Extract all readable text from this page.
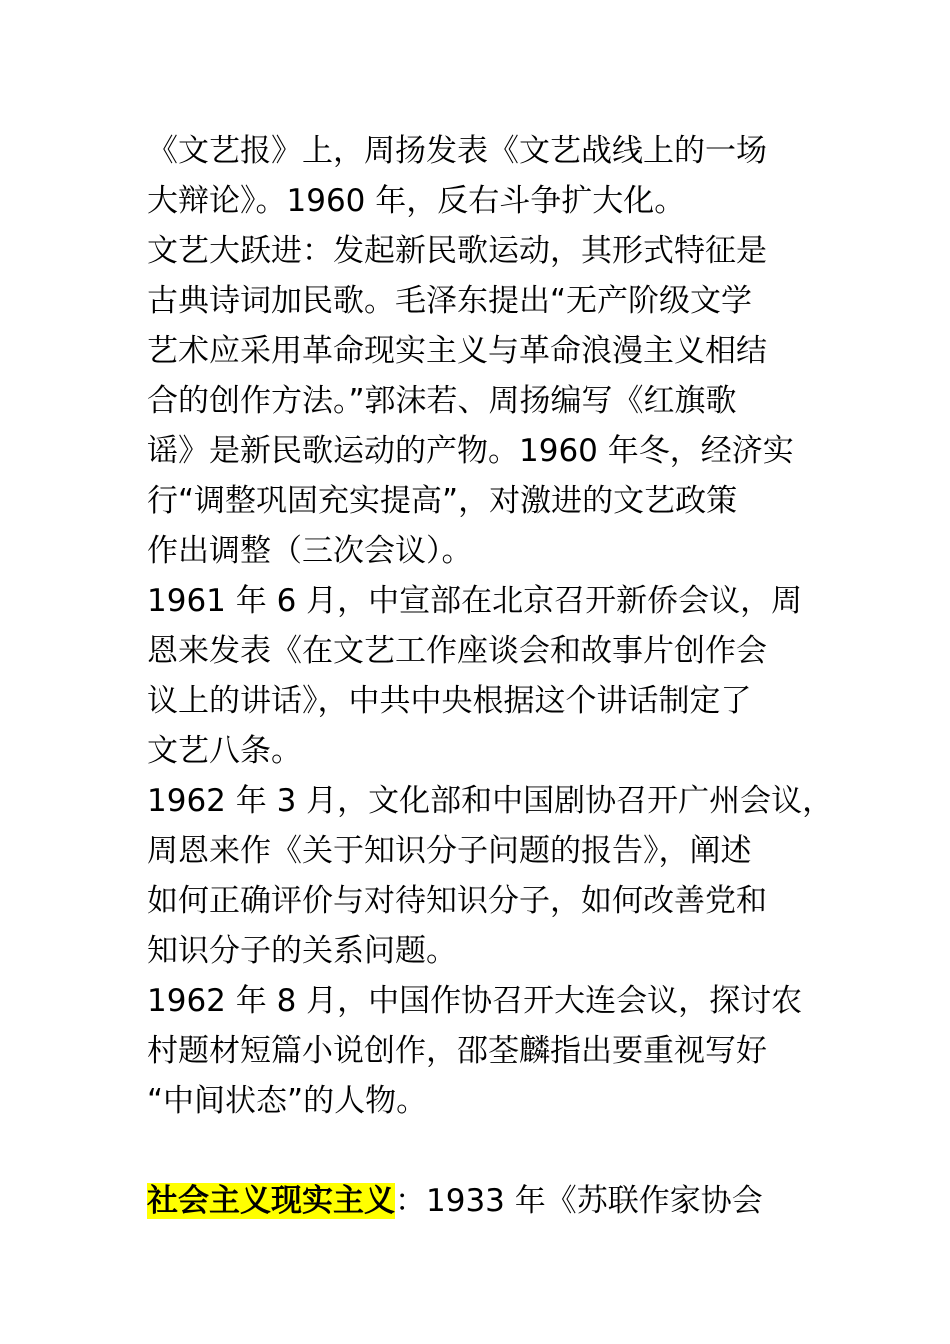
《文艺报》上，周扬发表《文艺战线上的一场
大辩论》。1960 年，反右斗争扩大化。

文艺大跃进：发起新民歌运动，其形式特征是
古典诗词加民歌。毛泽东提出“无产阶级文学
艺术应采用革命现实主义与革命浪漫主义相结
合的创作方法。”郭沫若、周扬编写《红旗歌
谣》是新民歌运动的产物。1960 年冬，经济实
行“调整巩固充实提高”，对激进的文艺政策
作出调整（三次会议）。

1961 年 6 月，中宣部在北京召开新侨会议，周
恩来发表《在文艺工作座谈会和故事片创作会
议上的讲话》，中共中央根据这个讲话制定了
文艺八条。

1962 年 3 月，文化部和中国剧协召开广州会议，
周恩来作《关于知识分子问题的报告》，阐述
如何正确评价与对待知识分子，如何改善党和
知识分子的关系问题。

1962 年 8 月，中国作协召开大连会议，探讨农
村题材短篇小说创作，邵荃麟指出要重视写好
“中间状态”的人物。

社会主义现实主义：1933 年《苏联作家协会
